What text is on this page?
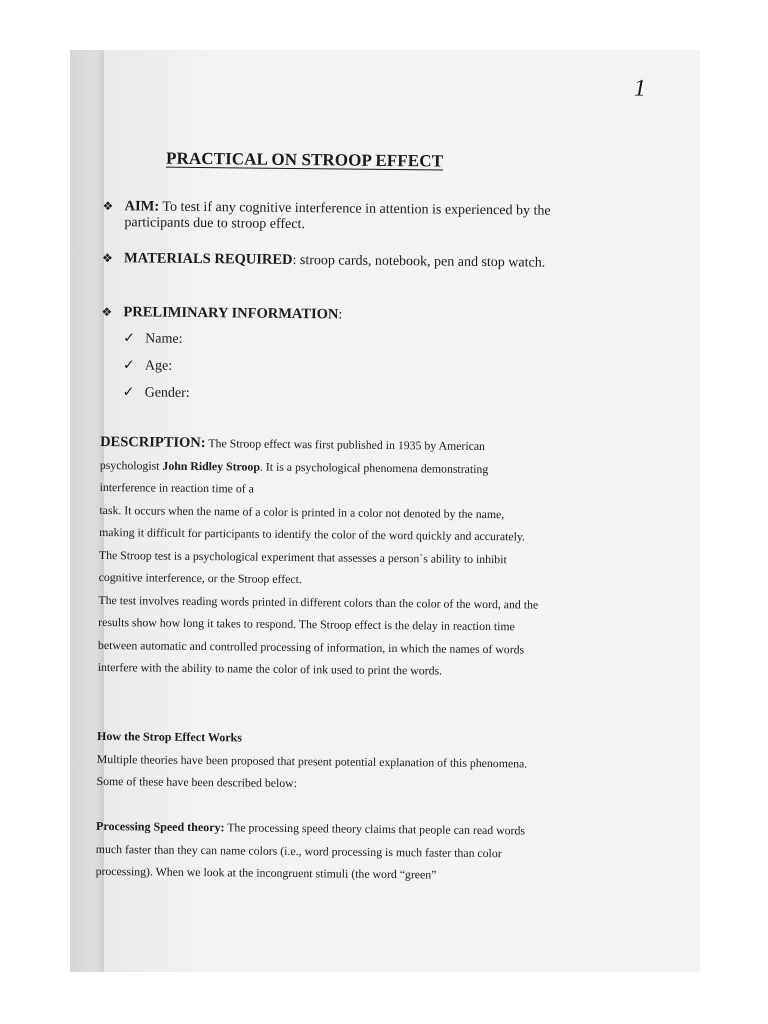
1
PRACTICAL ON STROOP EFFECT
❖ AIM: To test if any cognitive interference in attention is experienced by the participants due to stroop effect.
❖ MATERIALS REQUIRED: stroop cards, notebook, pen and stop watch.
❖ PRELIMINARY INFORMATION:
✓ Name:
✓ Age:
✓ Gender:
DESCRIPTION: The Stroop effect was first published in 1935 by American psychologist John Ridley Stroop. It is a psychological phenomena demonstrating interference in reaction time of a
task. It occurs when the name of a color is printed in a color not denoted by the name, making it difficult for participants to identify the color of the word quickly and accurately. The Stroop test is a psychological experiment that assesses a person`s ability to inhibit cognitive interference, or the Stroop effect.
The test involves reading words printed in different colors than the color of the word, and the results show how long it takes to respond. The Stroop effect is the delay in reaction time between automatic and controlled processing of information, in which the names of words interfere with the ability to name the color of ink used to print the words.
How the Strop Effect Works
Multiple theories have been proposed that present potential explanation of this phenomena. Some of these have been described below:
Processing Speed theory: The processing speed theory claims that people can read words much faster than they can name colors (i.e., word processing is much faster than color processing). When we look at the incongruent stimuli (the word “green”
